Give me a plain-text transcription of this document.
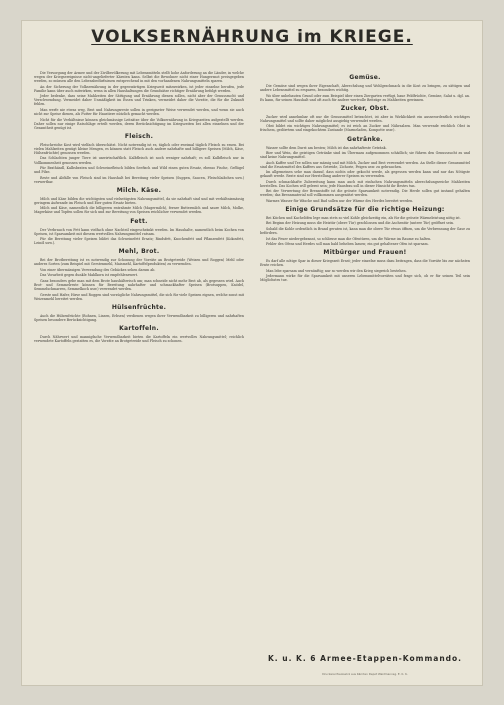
VOLKSERNÄHRUNG im KRIEGE.

Die Versorgung der Armee und der Zivilbevölkerung mit Lebensmitteln stellt hohe Anforderung an die Länder, in welche wegen der Kriegsereignisse nicht-angelieferter Kärnten kann. Selbst die Bewohner nicht einer Hungersnot preisgegeben werden, so müssen alle den Lebensbedürfnissen entsprechend in mit den vorhandenen Nahrungsmitteln sparen.

An der Sicherung der Volksernährung in der gegenwärtigen Kriegszeit mitzuwirken, ist jeder einzelne berufen, jede Familie kann über auch mitwirken, wenn in allen Haushaltungen die Grundsätze richtiger Ernährung befolgt werden.

Jeder bedenke, dass seine Mahlzeiten der Sättigung und Ernährung dienen sollen, nicht aber der Genusssucht und Verschwendung. Vermeidet daher Unmäßigkeit im Essen und Trinken, vermeidet daher die Vorräte, die für die Zukunft fehlen.

Man werfe nie etwas weg, Brot und Nahrungsreste sollen in geeigneter Weise verwendet werden, und wenn sie auch nicht zur Speise dienen, als Futter für Haustiere nützlich gemacht werden.

Nicht für die Verhältnisse können gleichmässige Leitsätze über die Volksernährung in Kriegszeiten aufgestellt werden. Daher sollen nur einige Ratschläge erteilt werden, deren Berücksichtigung im Kriegszeiten bei allen einzelnen und der Gesamtheit genügt ist.

Fleisch.

Fleischreiche Kost wird vielfach überschätzt. Nicht notwendig ist es, täglich oder zweimal täglich Fleisch zu essen. Bei vielen Mahlzeiten genügt kleine Mengen, es können statt Fleisch auch andere nahrhafte und billigere Speisen (Milch, Käse, Hülsenfrüchte) genossen werden.

Das Schlachten junger Tiere ist unwirtschaftlich. Kalbfleisch ist noch weniger nahrhaft; es soll Kalbfleisch nur in Vollkommenheit genossen werden.

Für Brathändl, Kalbsbraten und Schweinefleisch bilden Seefisch und Wild einen guten Ersatz, ebenso Fische, Geflügel und Pilze.

Reste und Abfälle von Fleisch sind im Haushalt bei Bereitung vieler Speisen (Suppen, Saucen, Fleischlaibchen usw.) verwertbar.

Milch. Käse.

Milch und Käse bilden die wichtigsten und vielseitigsten Nahrungsmittel, da sie nahrhaft sind und mit verhältnismässig geringem Aufwande im Fleisch und Eier guten Ersatz bieten.

Milch und Käse, namentlich die billigeren entrahmte Milch (Magermilch), ferner Buttermilch und saure Milch, Molke, Magerkäse und Topfen sollen für sich und zur Bereitung von Speisen reichlicher verwendet werden.

Fett.

Der Verbrauch von Fett kann vielfach ohne Nachteil eingeschränkt werden. Im Haushalte, namentlich beim Kochen von Speisen, ist Sparsamkeit mit diesem wertvollen Nahrungsmittel ratsam.

Für die Bereitung vieler Speisen bildet das Schweinefett Ersatz; Rindsfett, Knochenfett und Pflanzenfett (Kokosfett, Leinöl usw.).

Mehl, Brot.

Bei der Brotbereitung ist es notwendig zur Schonung der Vorräte an Brotgetreide (Weizen und Roggen) Mehl oder anderes Sorten (zum Beispiel mit Gerstenmehl, Maismehl, Kartoffelprodukten) zu verwenden.

Von einer übermässigen Verwendung des Gebäckes sehen darum ab.

Das Vorarbeit gegen dunkle Mahlkorn ist empfehlenswert.

Ganz besonders gebe man mit dem Brote haushälterisch um; man schneide nicht mehr Brot ab, als gegessen wird. Auch Brot- und Semmelreste können für Bereitung nahrhafter und schmackhafter Speisen (Brotsuppen, Knödel, Semmelschmarren, Semmelkoch usw.) verwendet werden.

Gerste und Hafer, Hirse und Roggen sind vorzügliche Nahrungsmittel, die sich für viele Speisen eignen, welche sonst mit Weizenmehl bereitet werden.

Hülsenfrüchte.

Auch die Hülsenfrüchte (Bohnen, Linsen, Erbsen) verdienen wegen ihrer Verwendbarkeit zu billigeren und nahrhaften Speisen besondere Berücksichtigung.

Kartoffeln.

Durch Nährwert und mannigfache Verwendbarkeit bieten die Kartoffeln ein wertvolles Nahrungsmittel; reichlich verwendete Kartoffeln gestatten es, die Vorräte an Brotgetreide und Fleisch zu schonen.

Gemüse.

Die Gemüse sind wegen ihrer Eigenschaft, Abwechslung und Wohlgeschmack in die Kost zu bringen, zu sättigen und andere Lebensmittel zu ersparen, besonders wichtig.

Wo über unbebauten Grund oder zum Beispiel über einen Ziergarten verfügt, baue Feldfrüchte, Gemüse, Salat u. dgl. an. Es kann, für seinen Haushalt und oft auch für andere wertvolle Beiträge zu Mahlzeiten gewinnen.

Zucker, Obst.

Zucker wird annehmbar oft nur die Genussmittel betrachtet, ist aber in Wirklichkeit ein ausserordentlich wichtiges Nahrungsmittel und sollte daher möglichst ausgiebig verwendet werden.

Obst bildet ein wichtiges Nahrungsmittel; es ist reich an Zucker und Nährsalzen. Man verwende reichlich Obst in frischem, gedörrtem und eingekochtem Zustande (Marmeladen, Kompotte usw.).

Getränke.

Wasser sollte dem Durst am besten; Milch ist das nahrhafteste Getränk.

Bier und Wein, die geistigen Getränke sind im Übermass aufgenommen schädlich; sie führen den Genusssucht zu und sind keine Nahrungsmittel.

Auch Kaffee und Tee sollen nur mässig und mit Milch, Zucker und Brot verwendet werden. An Stelle dieser Genussmittel sind die Ersatzmittel des Kaffees aus Getreide, Zichorie, Feigen usw. zu gebrauchen.

Im allgemeinen sehe man darauf, dass nichts oder gekocht werde, als gegessen werden kann und nur das Nötigste gekauft werde. Reste sind zur Herstellung anderer Speisen zu verwenden.

Durch schmackhafte Zubereitung kann man auch mit einfachen Nahrungsmitteln abwechslungsreiche Mahlzeiten herstellen. Das Kochen will gelernt sein; jede Hausfrau soll in dieser Hinsicht ihr Bestes tun.

Bei der Verwertung der Brennstoffe ist die grösste Sparsamkeit notwendig. Die Herde sollen gut instand gehalten werden; das Brennmaterial soll vollkommen ausgenützt werden.

Warmes Wasser für Wäsche und Bad sollen nur der Wärme des Herdes bereitet werden.

Einige Grundsätze für die richtige Heizung:

Bei Küchen und Kachelöfen lege man stets so viel Kohle gleichzeitig ein, als für die grösste Wärmeleistung nötig ist.

Bei Beginn der Heizung muss die Heiztür (obere Tür) geschlossen und die Aschentür (untere Tür) geöffnet sein.

Sobald die Kohle ordentlich in Brand geraten ist, kann man die obere Tür etwas öffnen, um die Verbrennung der Gase zu befördern.

Ist das Feuer niedergebrannt, so schliesse man die Ofentüren, um die Wärme im Raume zu halten.

Fehler des Ofens und Herdes soll man bald beheben lassen; ein gut gehaltener Ofen ist sparsam.

Mitbürger und Frauen!

Es darf alle nötige Spar in dieser Kriegszeit Ernst; jeder einzelne muss dazu beitragen, dass die Vorräte bis zur nächsten Ernte reichen.

Man lebe sparsam und vernünftig; nur so werden wir den Krieg siegreich bestehen.

Jedermann wirke für die Sparsamkeit mit unseren Lebensmittelvorräten und frage sich, ob er für seinen Teil sein Möglichstes tue.

K. u. K. 6 Armee-Etappen-Kommando.
Druckerei Paulowicz aus Kärnten Depot Waidmannsg. E. K. K.
